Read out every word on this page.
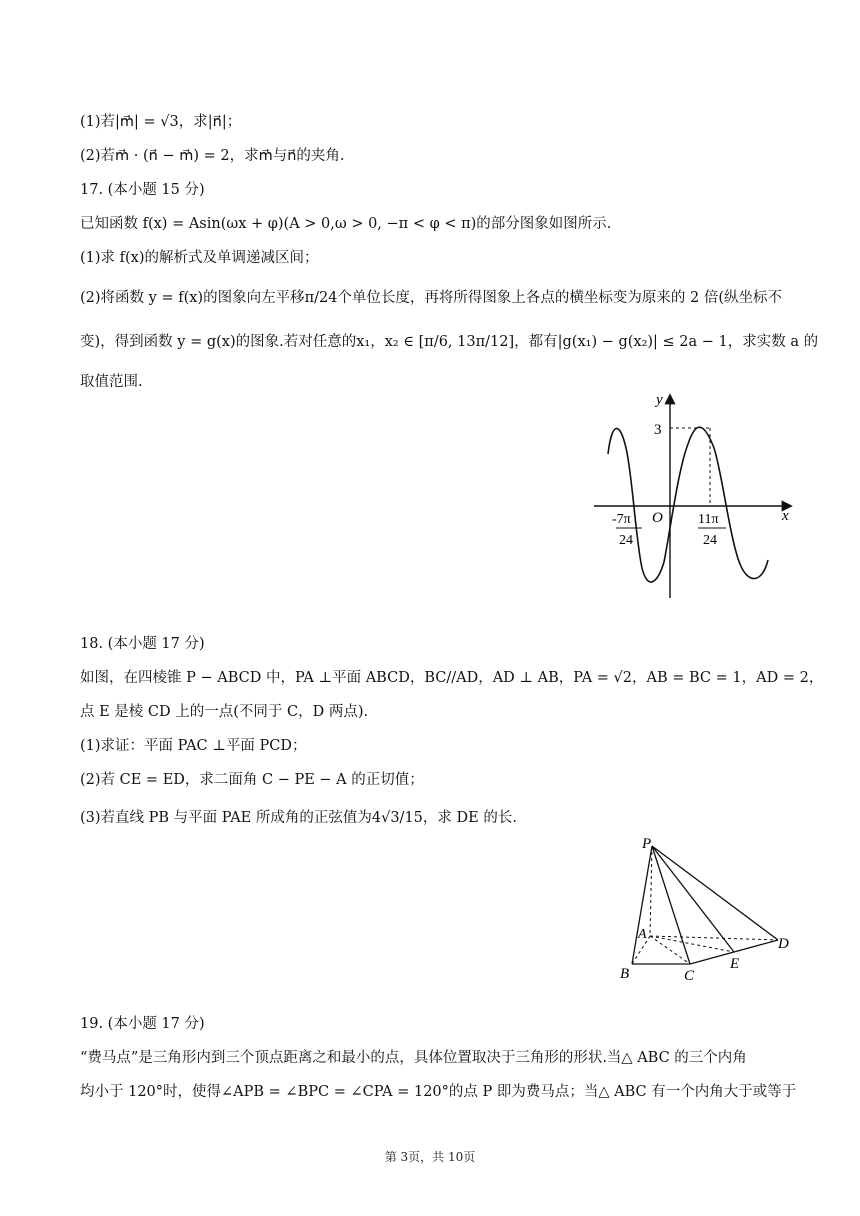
(1)若|m⃗| = √3，求|n⃗|；
(2)若m⃗ · (n⃗ − m⃗) = 2，求m⃗与n⃗的夹角.
17. (本小题 15 分)
已知函数 f(x) = Asin(ωx + φ)(A > 0,ω > 0, −π < φ < π)的部分图象如图所示.
(1)求 f(x)的解析式及单调递减区间；
(2)将函数 y = f(x)的图象向左平移π/24个单位长度，再将所得图象上各点的横坐标变为原来的 2 倍(纵坐标不
变)，得到函数 y = g(x)的图象.若对任意的x₁，x₂ ∈ [π/6, 13π/12]，都有|g(x₁) − g(x₂)| ≤ 2a − 1，求实数 a 的
取值范围.
y
x
O
3
-7π
24
11π
24
18. (本小题 17 分)
如图，在四棱锥 P − ABCD 中，PA ⊥平面 ABCD，BC//AD，AD ⊥ AB，PA = √2，AB = BC = 1，AD = 2，
点 E 是棱 CD 上的一点(不同于 C，D 两点).
(1)求证：平面 PAC ⊥平面 PCD；
(2)若 CE = ED，求二面角 C − PE − A 的正切值；
(3)若直线 PB 与平面 PAE 所成角的正弦值为4√3/15，求 DE 的长.
P
A
B	C
E
D
19. (本小题 17 分)
“费马点”是三角形内到三个顶点距离之和最小的点，具体位置取决于三角形的形状.当△ ABC 的三个内角
均小于 120°时，使得∠APB = ∠BPC = ∠CPA = 120°的点 P 即为费马点；当△ ABC 有一个内角大于或等于
第 3页，共 10页
